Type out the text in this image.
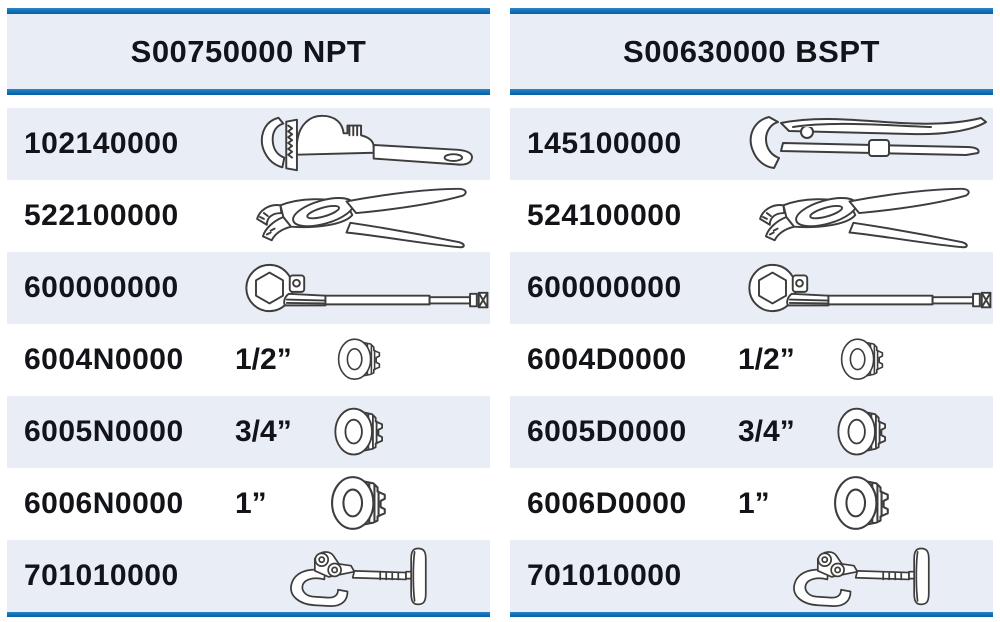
S00750000 NPT
102140000
522100000
600000000
6004N0000	1/2”
6005N0000	3/4”
6006N0000	1”
701010000
S00630000 BSPT
145100000
524100000
600000000
6004D0000	1/2”
6005D0000	3/4”
6006D0000	1”
701010000
